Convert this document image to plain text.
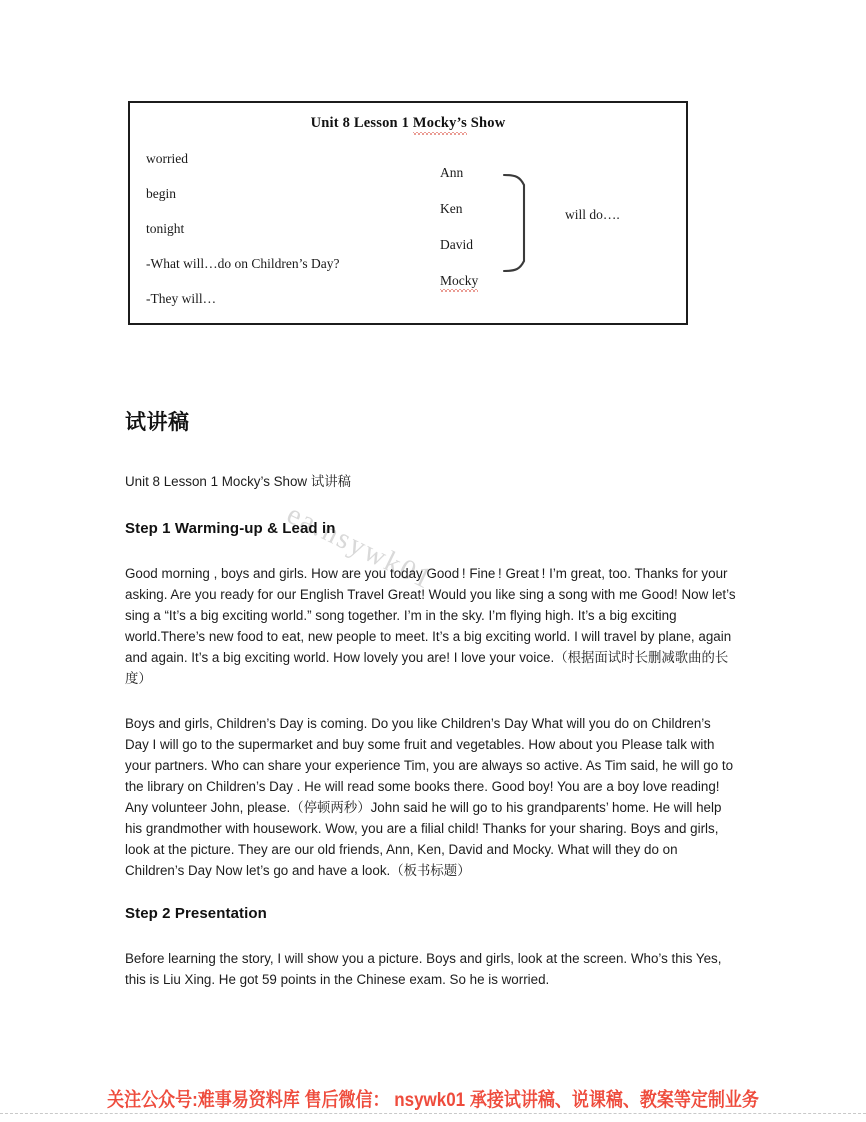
Unit 8 Lesson 1 Mocky’s Show
worried
begin
tonight
-What will…do on Children’s Day?
-They will…
Ann
Ken
David
Mocky
will do….
ea.nsywk01
试讲稿

Unit 8 Lesson 1 Mocky’s Show 试讲稿

Step 1 Warming-up & Lead in

Good morning , boys and girls. How are you today Good ! Fine ! Great ! I’m great, too. Thanks for your asking. Are you ready for our English Travel Great! Would you like sing a song with me Good! Now let’s sing a “It’s a big exciting world.” song together. I’m in the sky. I’m flying high. It’s a big exciting world.There’s new food to eat, new people to meet. It’s a big exciting world. I will travel by plane, again and again. It’s a big exciting world. How lovely you are! I love your voice.（根据面试时长删减歌曲的长度）

Boys and girls, Children’s Day is coming. Do you like Children’s Day What will you do on Children’s Day I will go to the supermarket and buy some fruit and vegetables. How about you Please talk with your partners. Who can share your experience Tim, you are always so active. As Tim said, he will go to the library on Children’s Day . He will read some books there. Good boy! You are a boy love reading! Any volunteer John, please.（停顿两秒）John said he will go to his grandparents’ home. He will help his grandmother with housework. Wow, you are a filial child! Thanks for your sharing. Boys and girls, look at the picture. They are our old friends, Ann, Ken, David and Mocky. What will they do on Children’s Day Now let’s go and have a look.（板书标题）

Step 2 Presentation

Before learning the story, I will show you a picture. Boys and girls, look at the screen. Who’s this Yes, this is Liu Xing. He got 59 points in the Chinese exam. So he is worried.

关注公众号:难事易资料库 售后微信： nsywk01 承接试讲稿、说课稿、教案等定制业务
